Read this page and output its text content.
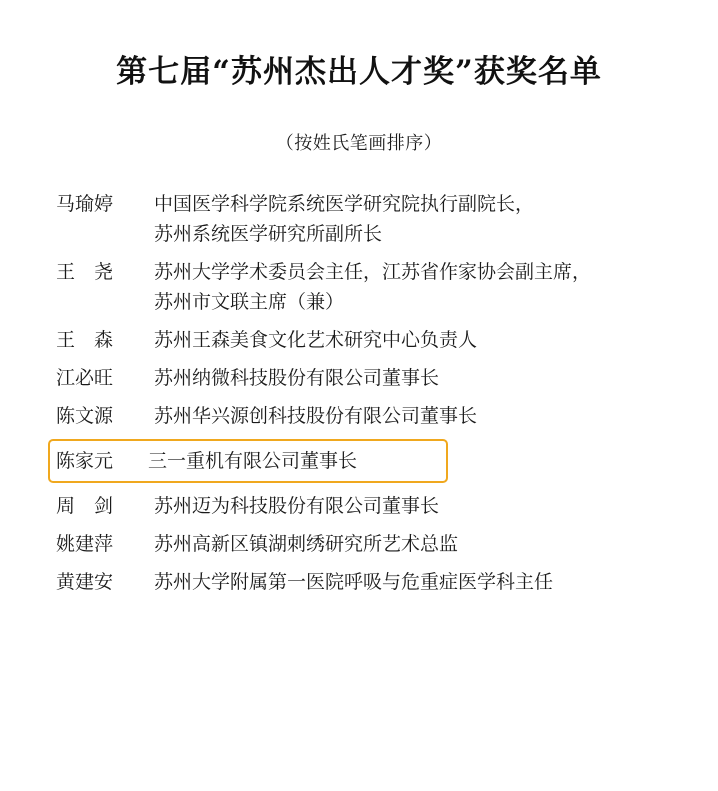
第七届“苏州杰出人才奖”获奖名单
（按姓氏笔画排序）
马瑜婷	中国医学科学院系统医学研究院执行副院长，
苏州系统医学研究所副所长
王　尧	苏州大学学术委员会主任，江苏省作家协会副主席，
苏州市文联主席（兼）
王　森	苏州王森美食文化艺术研究中心负责人
江必旺	苏州纳微科技股份有限公司董事长
陈文源	苏州华兴源创科技股份有限公司董事长
陈家元	三一重机有限公司董事长
周　剑	苏州迈为科技股份有限公司董事长
姚建萍	苏州高新区镇湖刺绣研究所艺术总监
黄建安	苏州大学附属第一医院呼吸与危重症医学科主任
